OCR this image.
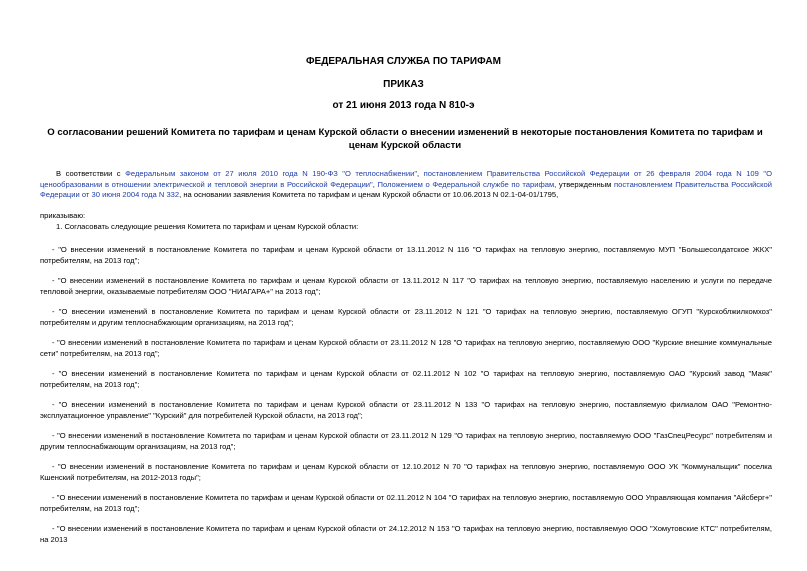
ФЕДЕРАЛЬНАЯ СЛУЖБА ПО ТАРИФАМ
ПРИКАЗ
от 21 июня 2013 года N 810-э
О согласовании решений Комитета по тарифам и ценам Курской области о внесении изменений в некоторые постановления Комитета по тарифам и ценам Курской области
В соответствии с Федеральным законом от 27 июля 2010 года N 190-ФЗ "О теплоснабжении", постановлением Правительства Российской Федерации от 26 февраля 2004 года N 109 "О ценообразовании в отношении электрической и тепловой энергии в Российской Федерации", Положением о Федеральной службе по тарифам, утвержденным постановлением Правительства Российской Федерации от 30 июня 2004 года N 332, на основании заявления Комитета по тарифам и ценам Курской области от 10.06.2013 N 02.1-04-01/1795,
приказываю:
1. Согласовать следующие решения Комитета по тарифам и ценам Курской области:
- "О внесении изменений в постановление Комитета по тарифам и ценам Курской области от 13.11.2012 N 116 "О тарифах на тепловую энергию, поставляемую МУП "Большесолдатское ЖКХ" потребителям, на 2013 год";
- "О внесении изменений в постановление Комитета по тарифам и ценам Курской области от 13.11.2012 N 117 "О тарифах на тепловую энергию, поставляемую населению и услуги по передаче тепловой энергии, оказываемые потребителям ООО "НИАГАРА+" на 2013 год";
- "О внесении изменений в постановление Комитета по тарифам и ценам Курской области от 23.11.2012 N 121 "О тарифах на тепловую энергию, поставляемую ОГУП "Курскоблжилкомхоз" потребителям и другим теплоснабжающим организациям, на 2013 год";
- "О внесении изменений в постановление Комитета по тарифам и ценам Курской области от 23.11.2012 N 128 "О тарифах на тепловую энергию, поставляемую ООО "Курские внешние коммунальные сети" потребителям, на 2013 год";
- "О внесении изменений в постановление Комитета по тарифам и ценам Курской области от 02.11.2012 N 102 "О тарифах на тепловую энергию, поставляемую ОАО "Курский завод "Маяк" потребителям, на 2013 год";
- "О внесении изменений в постановление Комитета по тарифам и ценам Курской области от 23.11.2012 N 133 "О тарифах на тепловую энергию, поставляемую филиалом ОАО "Ремонтно-эксплуатационное управление" "Курский" для потребителей Курской области, на 2013 год";
- "О внесении изменений в постановление Комитета по тарифам и ценам Курской области от 23.11.2012 N 129 "О тарифах на тепловую энергию, поставляемую ООО "ГазСпецРесурс" потребителям и другим теплоснабжающим организациям, на 2013 год";
- "О внесении изменений в постановление Комитета по тарифам и ценам Курской области от 12.10.2012 N 70 "О тарифах на тепловую энергию, поставляемую ООО УК "Коммунальщик" поселка Кшенский потребителям, на 2012-2013 годы";
- "О внесении изменений в постановление Комитета по тарифам и ценам Курской области от 02.11.2012 N 104 "О тарифах на тепловую энергию, поставляемую ООО Управляющая компания "Айсберг+" потребителям, на 2013 год";
- "О внесении изменений в постановление Комитета по тарифам и ценам Курской области от 24.12.2012 N 153 "О тарифах на тепловую энергию, поставляемую ООО "Хомутовские КТС" потребителям, на 2013
